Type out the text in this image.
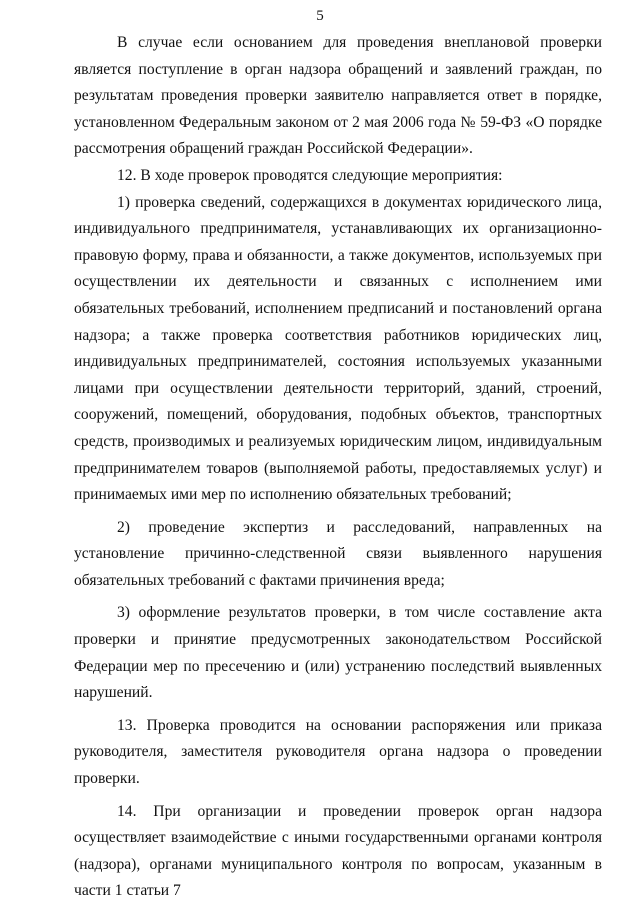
5

В случае если основанием для проведения внеплановой проверки является поступление в орган надзора обращений и заявлений граждан, по результатам проведения проверки заявителю направляется ответ в порядке, установленном Федеральным законом от 2 мая 2006 года № 59-ФЗ «О порядке рассмотрения обращений граждан Российской Федерации».

12. В ходе проверок проводятся следующие мероприятия:

1) проверка сведений, содержащихся в документах юридического лица, индивидуального предпринимателя, устанавливающих их организационно-правовую форму, права и обязанности, а также документов, используемых при осуществлении их деятельности и связанных с исполнением ими обязательных требований, исполнением предписаний и постановлений органа надзора; а также проверка соответствия работников юридических лиц, индивидуальных предпринимателей, состояния используемых указанными лицами при осуществлении деятельности территорий, зданий, строений, сооружений, помещений, оборудования, подобных объектов, транспортных средств, производимых и реализуемых юридическим лицом, индивидуальным предпринимателем товаров (выполняемой работы, предоставляемых услуг) и принимаемых ими мер по исполнению обязательных требований;

2) проведение экспертиз и расследований, направленных на установление причинно-следственной связи выявленного нарушения обязательных требований с фактами причинения вреда;

3) оформление результатов проверки, в том числе составление акта проверки и принятие предусмотренных законодательством Российской Федерации мер по пресечению и (или) устранению последствий выявленных нарушений.

13. Проверка проводится на основании распоряжения или приказа руководителя, заместителя руководителя органа надзора о проведении проверки.

14. При организации и проведении проверок орган надзора осуществляет взаимодействие с иными государственными органами контроля (надзора), органами муниципального контроля по вопросам, указанным в части 1 статьи 7
